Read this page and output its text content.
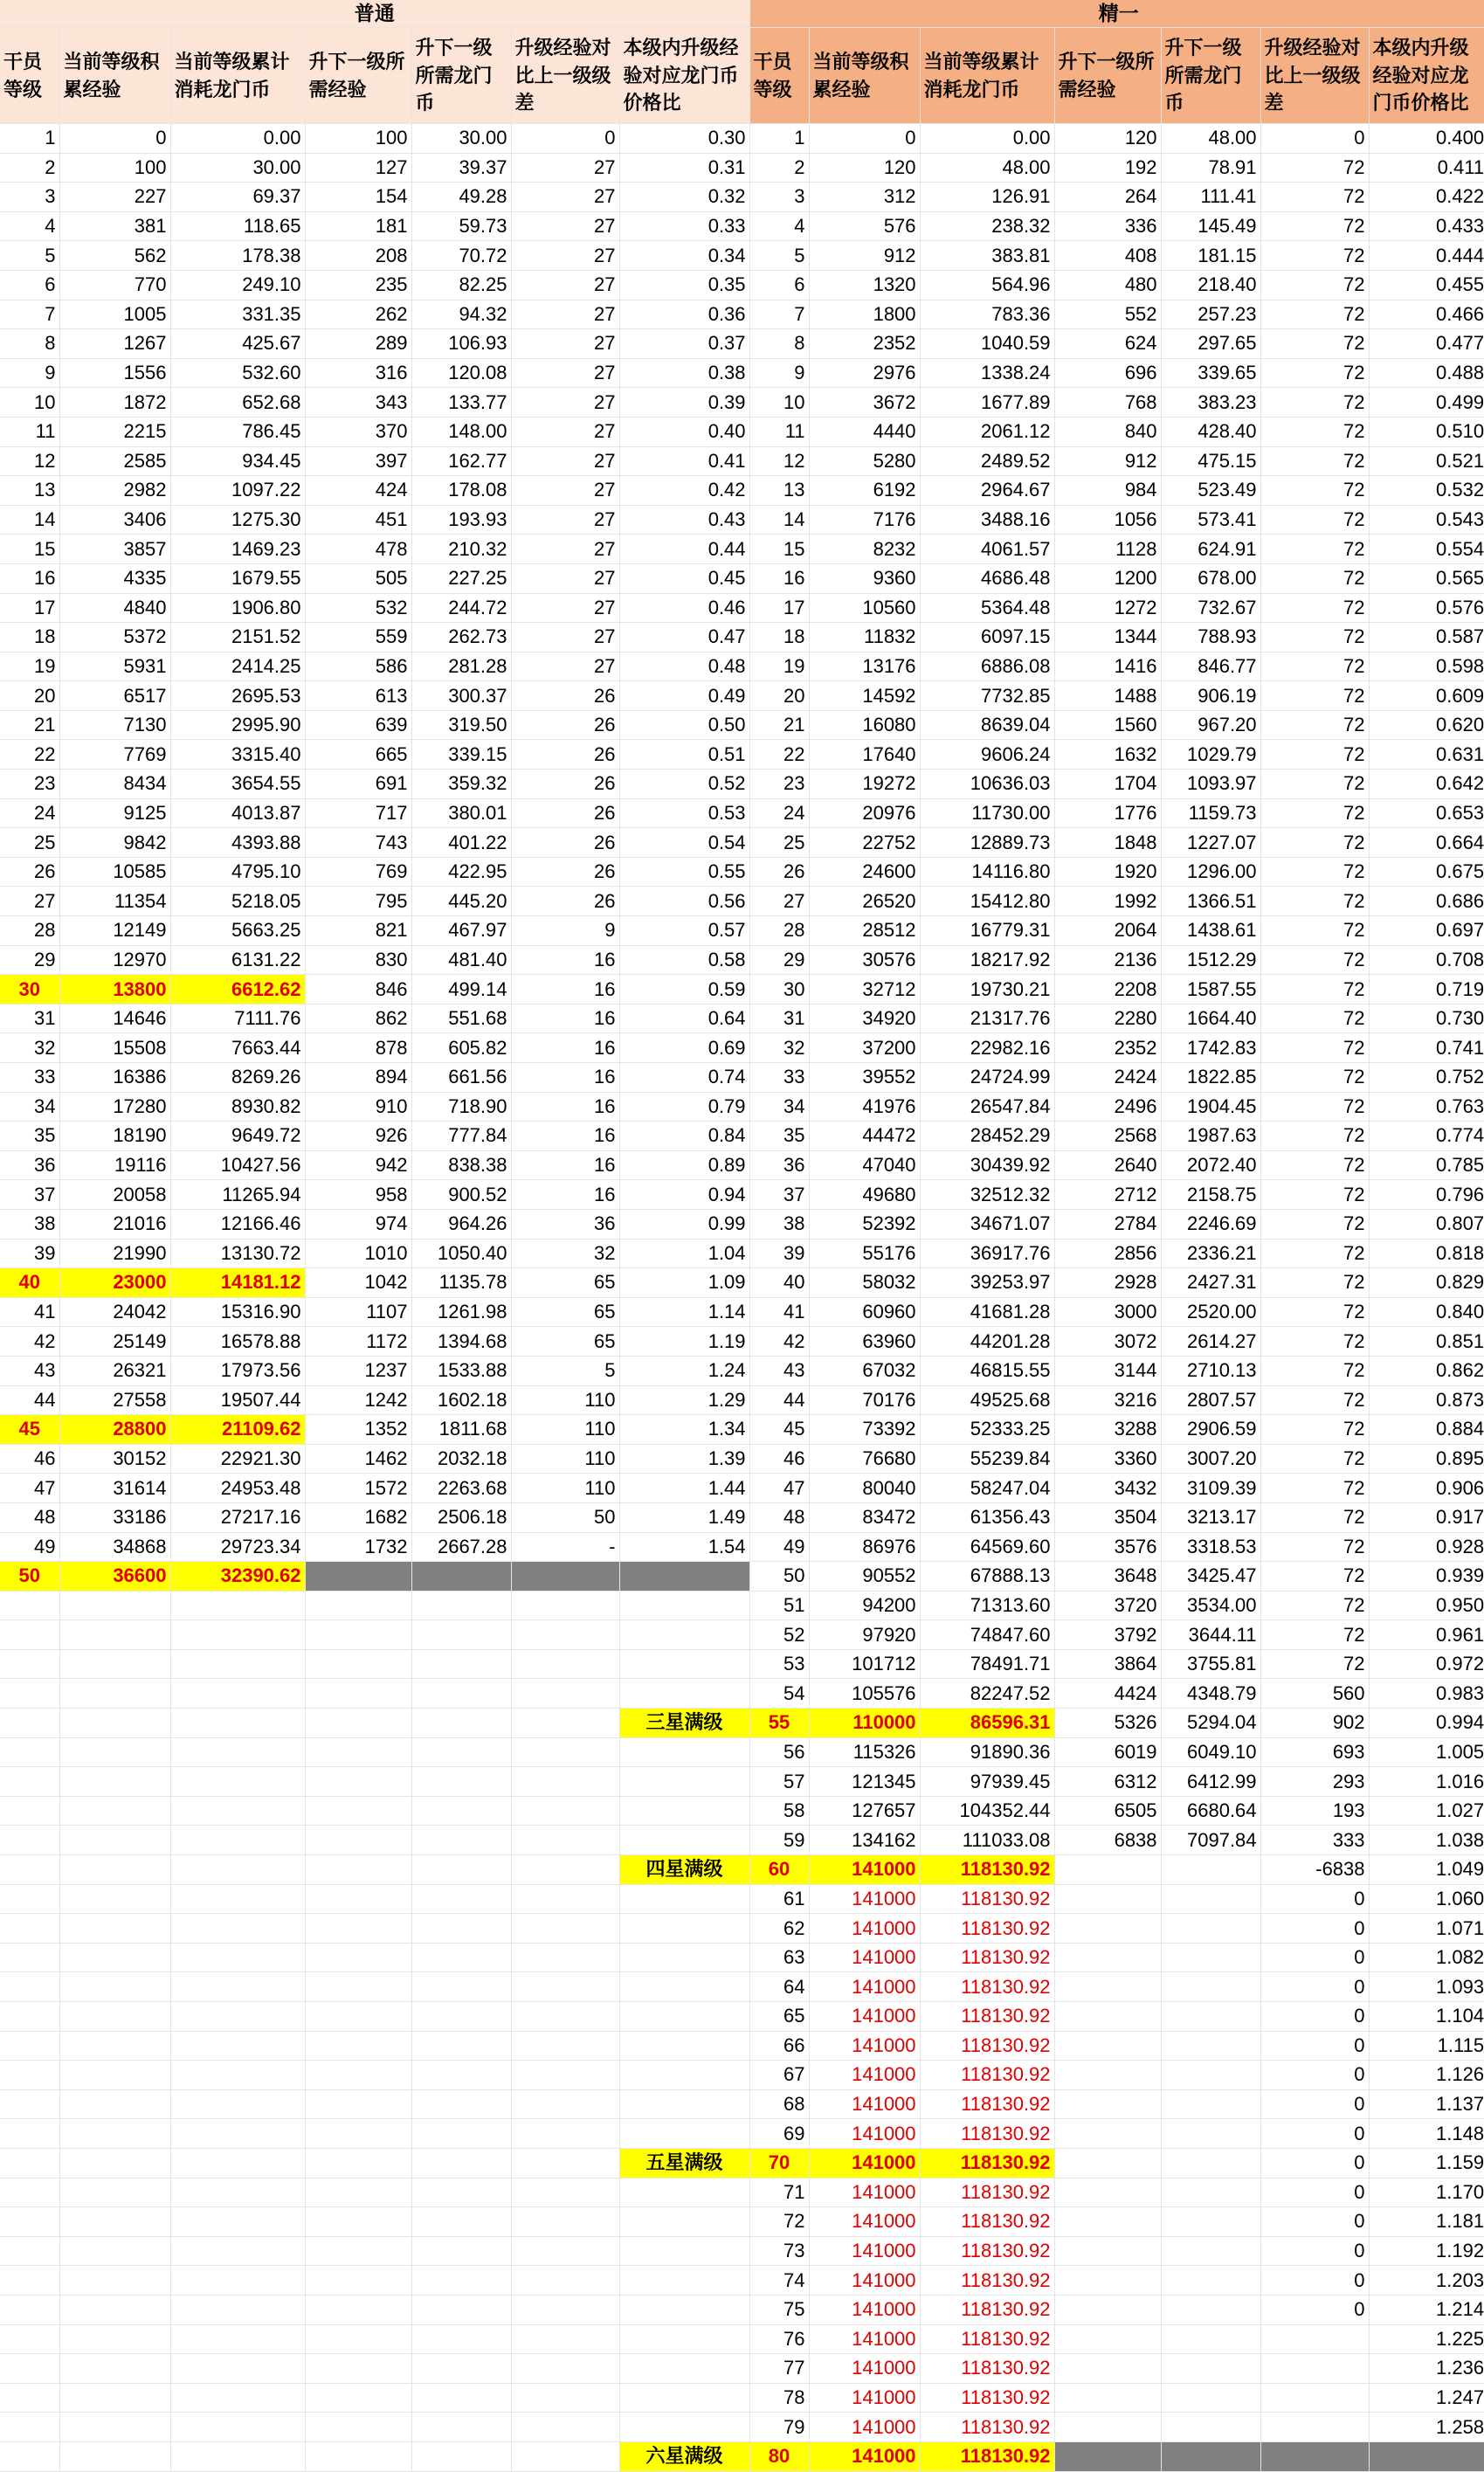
普通							精一						
干员等级	当前等级积累经验	当前等级累计消耗龙门币	升下一级所需经验	升下一级所需龙门币	升级经验对比上一级级差	本级内升级经验对应龙门币价格比	干员等级	当前等级积累经验	当前等级累计消耗龙门币	升下一级所需经验	升下一级所需龙门币	升级经验对比上一级级差	本级内升级经验对应龙门币价格比
1	0	0.00	100	30.00	0	0.30	1	0	0.00	120	48.00	0	0.400
2	100	30.00	127	39.37	27	0.31	2	120	48.00	192	78.91	72	0.411
3	227	69.37	154	49.28	27	0.32	3	312	126.91	264	111.41	72	0.422
4	381	118.65	181	59.73	27	0.33	4	576	238.32	336	145.49	72	0.433
5	562	178.38	208	70.72	27	0.34	5	912	383.81	408	181.15	72	0.444
6	770	249.10	235	82.25	27	0.35	6	1320	564.96	480	218.40	72	0.455
7	1005	331.35	262	94.32	27	0.36	7	1800	783.36	552	257.23	72	0.466
8	1267	425.67	289	106.93	27	0.37	8	2352	1040.59	624	297.65	72	0.477
9	1556	532.60	316	120.08	27	0.38	9	2976	1338.24	696	339.65	72	0.488
10	1872	652.68	343	133.77	27	0.39	10	3672	1677.89	768	383.23	72	0.499
11	2215	786.45	370	148.00	27	0.40	11	4440	2061.12	840	428.40	72	0.510
12	2585	934.45	397	162.77	27	0.41	12	5280	2489.52	912	475.15	72	0.521
13	2982	1097.22	424	178.08	27	0.42	13	6192	2964.67	984	523.49	72	0.532
14	3406	1275.30	451	193.93	27	0.43	14	7176	3488.16	1056	573.41	72	0.543
15	3857	1469.23	478	210.32	27	0.44	15	8232	4061.57	1128	624.91	72	0.554
16	4335	1679.55	505	227.25	27	0.45	16	9360	4686.48	1200	678.00	72	0.565
17	4840	1906.80	532	244.72	27	0.46	17	10560	5364.48	1272	732.67	72	0.576
18	5372	2151.52	559	262.73	27	0.47	18	11832	6097.15	1344	788.93	72	0.587
19	5931	2414.25	586	281.28	27	0.48	19	13176	6886.08	1416	846.77	72	0.598
20	6517	2695.53	613	300.37	26	0.49	20	14592	7732.85	1488	906.19	72	0.609
21	7130	2995.90	639	319.50	26	0.50	21	16080	8639.04	1560	967.20	72	0.620
22	7769	3315.40	665	339.15	26	0.51	22	17640	9606.24	1632	1029.79	72	0.631
23	8434	3654.55	691	359.32	26	0.52	23	19272	10636.03	1704	1093.97	72	0.642
24	9125	4013.87	717	380.01	26	0.53	24	20976	11730.00	1776	1159.73	72	0.653
25	9842	4393.88	743	401.22	26	0.54	25	22752	12889.73	1848	1227.07	72	0.664
26	10585	4795.10	769	422.95	26	0.55	26	24600	14116.80	1920	1296.00	72	0.675
27	11354	5218.05	795	445.20	26	0.56	27	26520	15412.80	1992	1366.51	72	0.686
28	12149	5663.25	821	467.97	9	0.57	28	28512	16779.31	2064	1438.61	72	0.697
29	12970	6131.22	830	481.40	16	0.58	29	30576	18217.92	2136	1512.29	72	0.708
30	13800	6612.62	846	499.14	16	0.59	30	32712	19730.21	2208	1587.55	72	0.719
31	14646	7111.76	862	551.68	16	0.64	31	34920	21317.76	2280	1664.40	72	0.730
32	15508	7663.44	878	605.82	16	0.69	32	37200	22982.16	2352	1742.83	72	0.741
33	16386	8269.26	894	661.56	16	0.74	33	39552	24724.99	2424	1822.85	72	0.752
34	17280	8930.82	910	718.90	16	0.79	34	41976	26547.84	2496	1904.45	72	0.763
35	18190	9649.72	926	777.84	16	0.84	35	44472	28452.29	2568	1987.63	72	0.774
36	19116	10427.56	942	838.38	16	0.89	36	47040	30439.92	2640	2072.40	72	0.785
37	20058	11265.94	958	900.52	16	0.94	37	49680	32512.32	2712	2158.75	72	0.796
38	21016	12166.46	974	964.26	36	0.99	38	52392	34671.07	2784	2246.69	72	0.807
39	21990	13130.72	1010	1050.40	32	1.04	39	55176	36917.76	2856	2336.21	72	0.818
40	23000	14181.12	1042	1135.78	65	1.09	40	58032	39253.97	2928	2427.31	72	0.829
41	24042	15316.90	1107	1261.98	65	1.14	41	60960	41681.28	3000	2520.00	72	0.840
42	25149	16578.88	1172	1394.68	65	1.19	42	63960	44201.28	3072	2614.27	72	0.851
43	26321	17973.56	1237	1533.88	5	1.24	43	67032	46815.55	3144	2710.13	72	0.862
44	27558	19507.44	1242	1602.18	110	1.29	44	70176	49525.68	3216	2807.57	72	0.873
45	28800	21109.62	1352	1811.68	110	1.34	45	73392	52333.25	3288	2906.59	72	0.884
46	30152	22921.30	1462	2032.18	110	1.39	46	76680	55239.84	3360	3007.20	72	0.895
47	31614	24953.48	1572	2263.68	110	1.44	47	80040	58247.04	3432	3109.39	72	0.906
48	33186	27217.16	1682	2506.18	50	1.49	48	83472	61356.43	3504	3213.17	72	0.917
49	34868	29723.34	1732	2667.28	-	1.54	49	86976	64569.60	3576	3318.53	72	0.928
50	36600	32390.62					50	90552	67888.13	3648	3425.47	72	0.939
							51	94200	71313.60	3720	3534.00	72	0.950
							52	97920	74847.60	3792	3644.11	72	0.961
							53	101712	78491.71	3864	3755.81	72	0.972
							54	105576	82247.52	4424	4348.79	560	0.983
						三星满级	55	110000	86596.31	5326	5294.04	902	0.994
							56	115326	91890.36	6019	6049.10	693	1.005
							57	121345	97939.45	6312	6412.99	293	1.016
							58	127657	104352.44	6505	6680.64	193	1.027
							59	134162	111033.08	6838	7097.84	333	1.038
						四星满级	60	141000	118130.92			-6838	1.049
							61	141000	118130.92			0	1.060
							62	141000	118130.92			0	1.071
							63	141000	118130.92			0	1.082
							64	141000	118130.92			0	1.093
							65	141000	118130.92			0	1.104
							66	141000	118130.92			0	1.115
							67	141000	118130.92			0	1.126
							68	141000	118130.92			0	1.137
							69	141000	118130.92			0	1.148
						五星满级	70	141000	118130.92			0	1.159
							71	141000	118130.92			0	1.170
							72	141000	118130.92			0	1.181
							73	141000	118130.92			0	1.192
							74	141000	118130.92			0	1.203
							75	141000	118130.92			0	1.214
							76	141000	118130.92				1.225
							77	141000	118130.92				1.236
							78	141000	118130.92				1.247
							79	141000	118130.92				1.258
						六星满级	80	141000	118130.92				
